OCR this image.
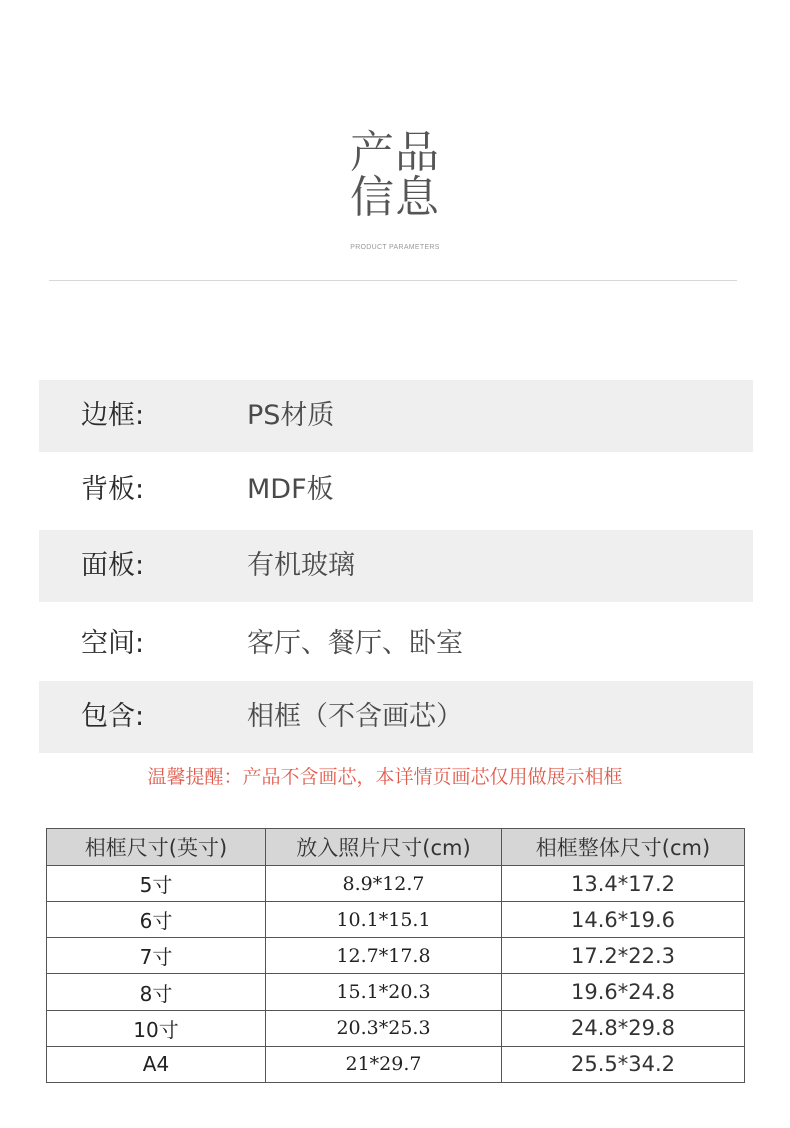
产品
信息
PRODUCT PARAMETERS
边框:	PS材质
背板:	MDF板
面板:	有机玻璃
空间:	客厅、餐厅、卧室
包含:	相框（不含画芯）
温馨提醒：产品不含画芯，本详情页画芯仅用做展示相框
相框尺寸(英寸)	放入照片尺寸(cm)	相框整体尺寸(cm)
5寸	8.9*12.7	13.4*17.2
6寸	10.1*15.1	14.6*19.6
7寸	12.7*17.8	17.2*22.3
8寸	15.1*20.3	19.6*24.8
10寸	20.3*25.3	24.8*29.8
A4	21*29.7	25.5*34.2
